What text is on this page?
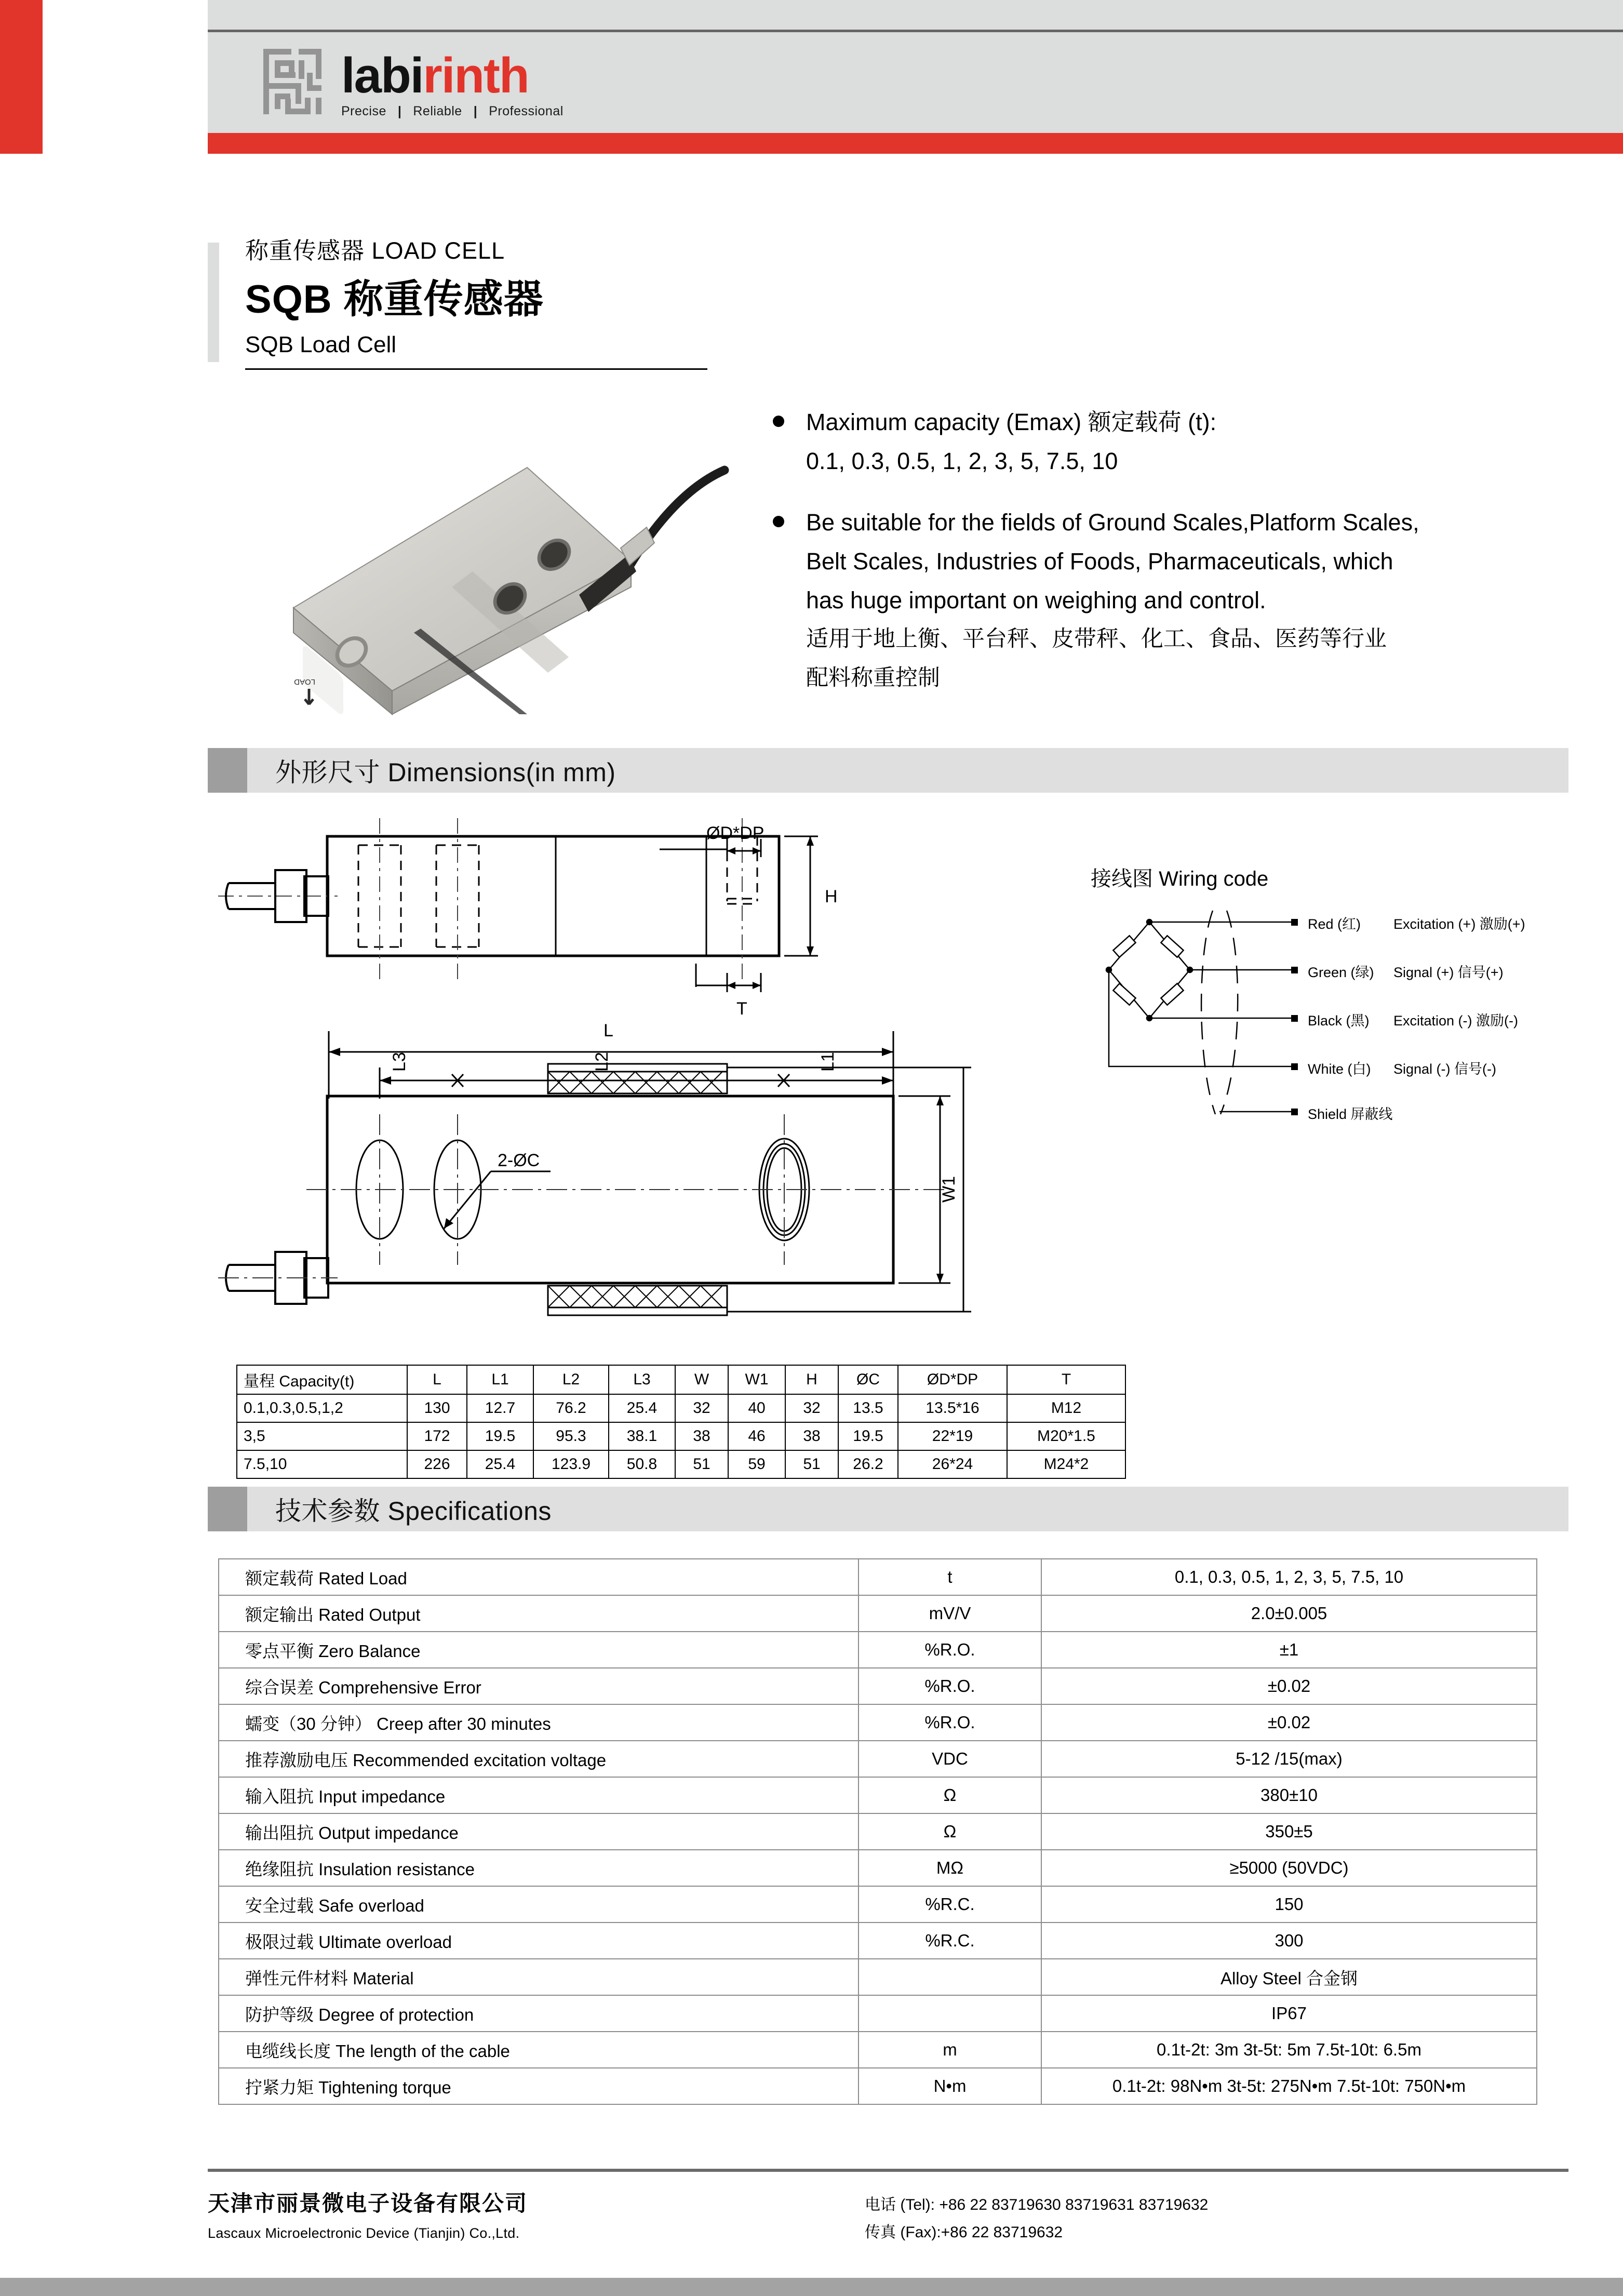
labi rinth
Precise | Reliable | Professional
称重传感器 LOAD CELL
SQB 称重传感器
SQB Load Cell
LOAD

Maximum capacity (Emax) 额定载荷 (t):

0.1, 0.3, 0.5, 1, 2, 3, 5, 7.5, 10

Be suitable for the fields of Ground Scales,Platform Scales,

Belt Scales, Industries of Foods, Pharmaceuticals, which

has huge important on weighing and control.

适用于地上衡、平台秤、皮带秤、化工、食品、医药等行业

配料称重控制

外形尺寸 Dimensions(in mm)
ØD*DP
H
T
L
L3	L2	L1
W1
2-ØC
接线图 Wiring code
Red (红)	Excitation (+) 激励(+)
Green (绿)	Signal (+) 信号(+)
Black (黑)	Excitation (-) 激励(-)
White (白)	Signal (-) 信号(-)
Shield 屏蔽线
量程 Capacity(t)	L	L1	L2	L3	W	W1	H	ØC	ØD*DP	T
0.1,0.3,0.5,1,2	130	12.7	76.2	25.4	32	40	32	13.5	13.5*16	M12
3,5	172	19.5	95.3	38.1	38	46	38	19.5	22*19	M20*1.5
7.5,10	226	25.4	123.9	50.8	51	59	51	26.2	26*24	M24*2
技术参数 Specifications
额定载荷 Rated Load	t	0.1, 0.3, 0.5, 1, 2, 3, 5, 7.5, 10
额定输出 Rated Output	mV/V	2.0±0.005
零点平衡 Zero Balance	%R.O.	±1
综合误差 Comprehensive Error	%R.O.	±0.02
蠕变（30 分钟） Creep after 30 minutes	%R.O.	±0.02
推荐激励电压 Recommended excitation voltage	VDC	5-12 /15(max)
输入阻抗 Input impedance	Ω	380±10
输出阻抗 Output impedance	Ω	350±5
绝缘阻抗 Insulation resistance	MΩ	≥5000 (50VDC)
安全过载 Safe overload	%R.C.	150
极限过载 Ultimate overload	%R.C.	300
弹性元件材料 Material		Alloy Steel 合金钢
防护等级 Degree of protection		IP67
电缆线长度 The length of the cable	m	0.1t-2t: 3m 3t-5t: 5m 7.5t-10t: 6.5m
拧紧力矩 Tightening torque	N•m	0.1t-2t: 98N•m 3t-5t: 275N•m 7.5t-10t: 750N•m
天津市丽景微电子设备有限公司
Lascaux Microelectronic Device (Tianjin) Co.,Ltd.
电话 (Tel): +86 22 83719630 83719631 83719632
传真 (Fax):+86 22 83719632
